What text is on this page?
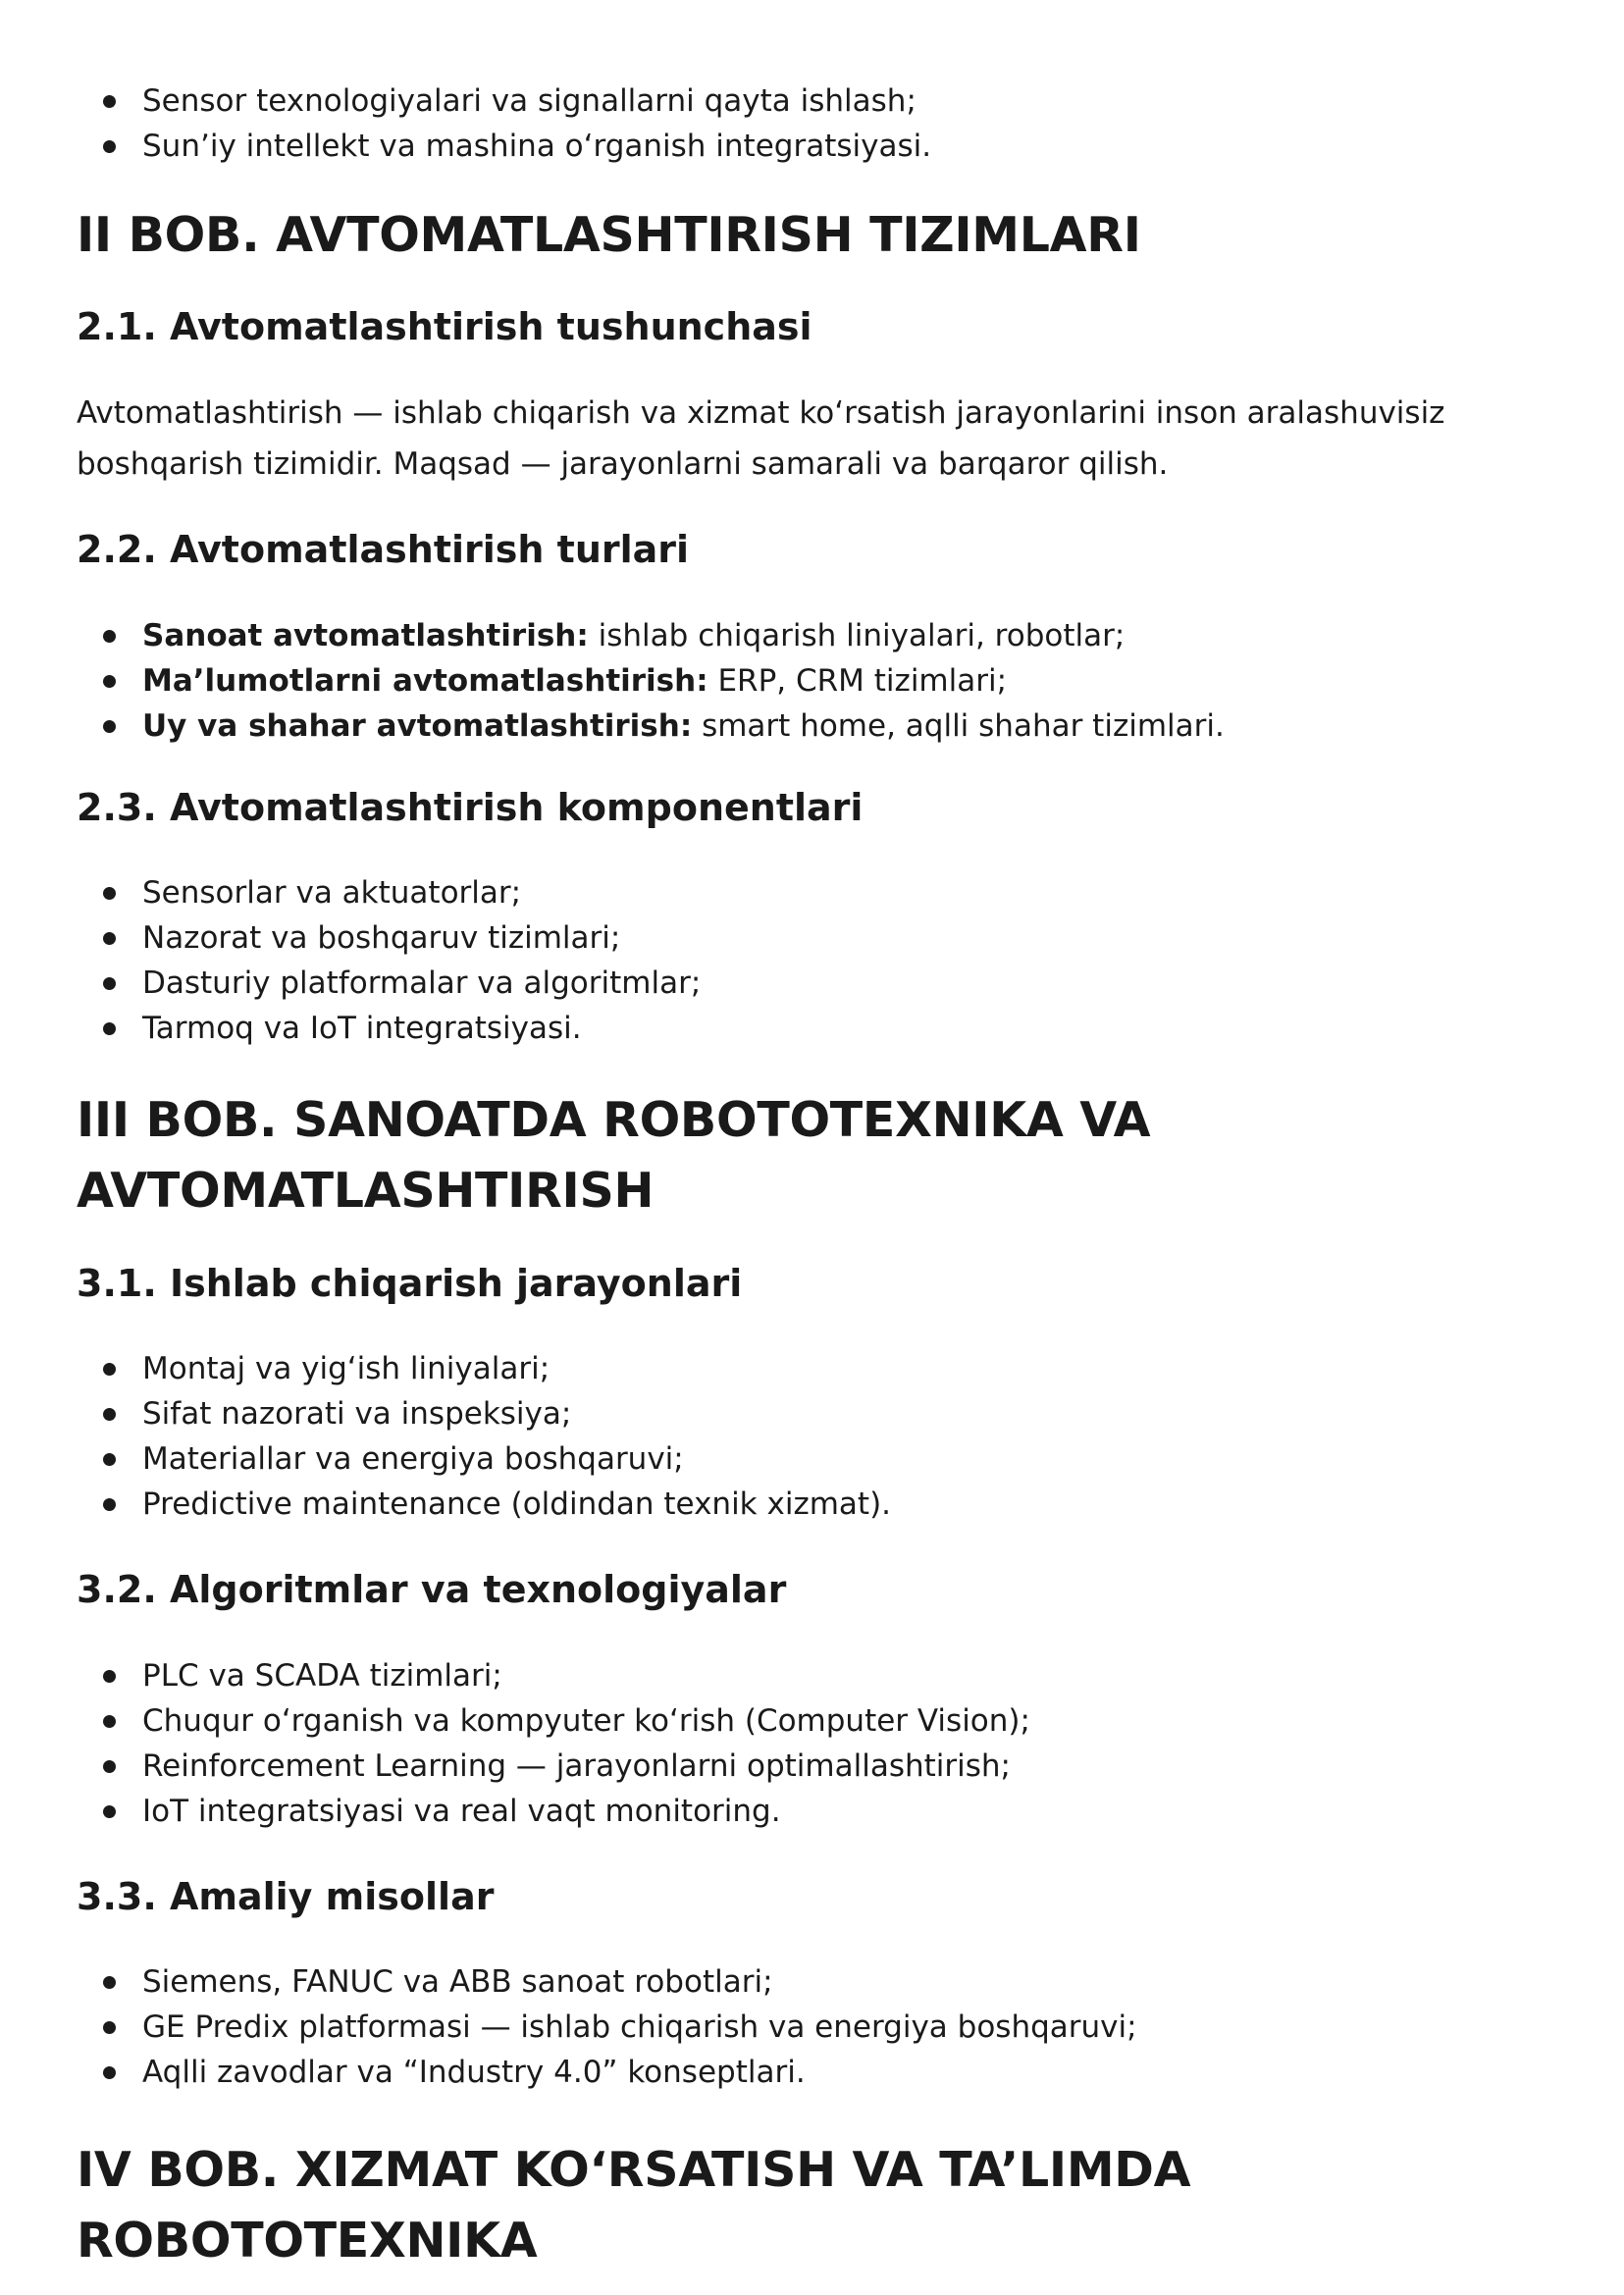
Sensor texnologiyalari va signallarni qayta ishlash;
Sun’iy intellekt va mashina o‘rganish integratsiyasi.
II BOB. AVTOMATLASHTIRISH TIZIMLARI
2.1. Avtomatlashtirish tushunchasi

Avtomatlashtirish — ishlab chiqarish va xizmat ko‘rsatish jarayonlarini inson aralashuvisiz
boshqarish tizimidir. Maqsad — jarayonlarni samarali va barqaror qilish.

2.2. Avtomatlashtirish turlari
Sanoat avtomatlashtirish: ishlab chiqarish liniyalari, robotlar;
Ma’lumotlarni avtomatlashtirish: ERP, CRM tizimlari;
Uy va shahar avtomatlashtirish: smart home, aqlli shahar tizimlari.
2.3. Avtomatlashtirish komponentlari
Sensorlar va aktuatorlar;
Nazorat va boshqaruv tizimlari;
Dasturiy platformalar va algoritmlar;
Tarmoq va IoT integratsiyasi.
III BOB. SANOATDA ROBOTOTEXNIKA VA
AVTOMATLASHTIRISH
3.1. Ishlab chiqarish jarayonlari
Montaj va yig‘ish liniyalari;
Sifat nazorati va inspeksiya;
Materiallar va energiya boshqaruvi;
Predictive maintenance (oldindan texnik xizmat).
3.2. Algoritmlar va texnologiyalar
PLC va SCADA tizimlari;
Chuqur o‘rganish va kompyuter ko‘rish (Computer Vision);
Reinforcement Learning — jarayonlarni optimallashtirish;
IoT integratsiyasi va real vaqt monitoring.
3.3. Amaliy misollar
Siemens, FANUC va ABB sanoat robotlari;
GE Predix platformasi — ishlab chiqarish va energiya boshqaruvi;
Aqlli zavodlar va “Industry 4.0” konseptlari.
IV BOB. XIZMAT KO‘RSATISH VA TA’LIMDA ROBOTOTEXNIKA
